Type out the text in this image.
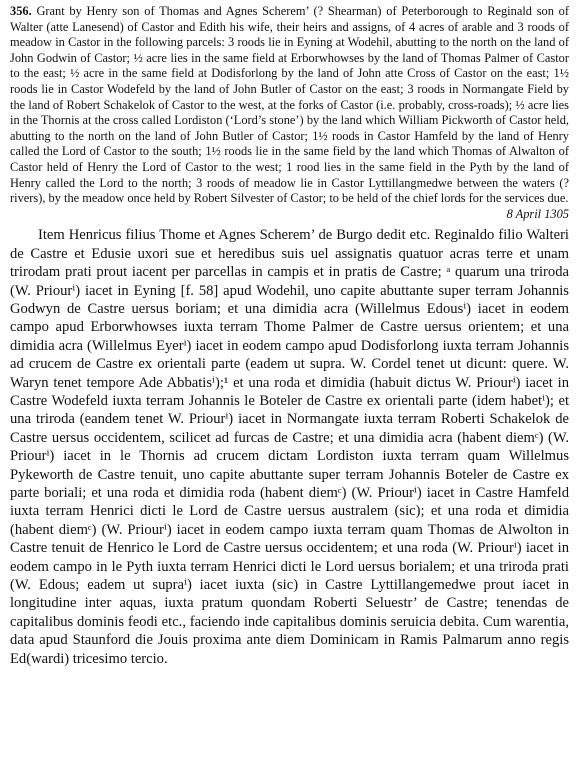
356. Grant by Henry son of Thomas and Agnes Scherem’ (? Shearman) of Peterborough to Reginald son of Walter (atte Lanesend) of Castor and Edith his wife, their heirs and assigns, of 4 acres of arable and 3 roods of meadow in Castor in the following parcels: 3 roods lie in Eyning at Wodehil, abutting to the north on the land of John Godwin of Castor; ½ acre lies in the same field at Erborwhowses by the land of Thomas Palmer of Castor to the east; ½ acre in the same field at Dodisforlong by the land of John atte Cross of Castor on the east; 1½ roods lie in Castor Wodefeld by the land of John Butler of Castor on the east; 3 roods in Normangate Field by the land of Robert Schakelok of Castor to the west, at the forks of Castor (i.e. probably, cross-roads); ½ acre lies in the Thornis at the cross called Lordiston (‘Lord’s stone’) by the land which William Pickworth of Castor held, abutting to the north on the land of John Butler of Castor; 1½ roods in Castor Hamfeld by the land of Henry called the Lord of Castor to the south; 1½ roods lie in the same field by the land which Thomas of Alwalton of Castor held of Henry the Lord of Castor to the west; 1 rood lies in the same field in the Pyth by the land of Henry called the Lord to the north; 3 roods of meadow lie in Castor Lyttillangmedwe between the waters (? rivers), by the meadow once held by Robert Silvester of Castor; to be held of the chief lords for the services due.

8 April 1305

Item Henricus filius Thome et Agnes Scherem’ de Burgo dedit etc. Reginaldo filio Walteri de Castre et Edusie uxori sue et heredibus suis uel assignatis quatuor acras terre et unam trirodam prati prout iacent per parcellas in campis et in pratis de Castre; ᵃ quarum una triroda (W. Priourⁱ) iacet in Eyning [f. 58] apud Wodehil, uno capite abuttante super terram Johannis Godwyn de Castre uersus boriam; et una dimidia acra (Willelmus Edousⁱ) iacet in eodem campo apud Erborwhowses iuxta terram Thome Palmer de Castre uersus orientem; et una dimidia acra (Willelmus Eyerⁱ) iacet in eodem campo apud Dodisforlong iuxta terram Johannis ad crucem de Castre ex orientali parte (eadem ut supra. W. Cordel tenet ut dicunt: quere. W. Waryn tenet tempore Ade Abbatisⁱ);¹ et una roda et dimidia (habuit dictus W. Priourⁱ) iacet in Castre Wodefeld iuxta terram Johannis le Boteler de Castre ex orientali parte (idem habetⁱ); et una triroda (eandem tenet W. Priourⁱ) iacet in Normangate iuxta terram Roberti Schakelok de Castre uersus occidentem, scilicet ad furcas de Castre; et una dimidia acra (habent diemᶜ) (W. Priourⁱ) iacet in le Thornis ad crucem dictam Lordiston iuxta terram quam Willelmus Pykeworth de Castre tenuit, uno capite abuttante super terram Johannis Boteler de Castre ex parte boriali; et una roda et dimidia roda (habent diemᶜ) (W. Priourⁱ) iacet in Castre Hamfeld iuxta terram Henrici dicti le Lord de Castre uersus australem (sic); et una roda et dimidia (habent diemᶜ) (W. Priourⁱ) iacet in eodem campo iuxta terram quam Thomas de Alwolton in Castre tenuit de Henrico le Lord de Castre uersus occidentem; et una roda (W. Priourⁱ) iacet in eodem campo in le Pyth iuxta terram Henrici dicti le Lord uersus borialem; et una triroda prati (W. Edous; eadem ut supraⁱ) iacet iuxta (sic) in Castre Lyttillangemedwe prout iacet in longitudine inter aquas, iuxta pratum quondam Roberti Seluestr’ de Castre; tenendas de capitalibus dominis feodi etc., faciendo inde capitalibus dominis seruicia debita. Cum warentia, data apud Staunford die Jouis proxima ante diem Dominicam in Ramis Palmarum anno regis Ed(wardi) tricesimo tercio.
